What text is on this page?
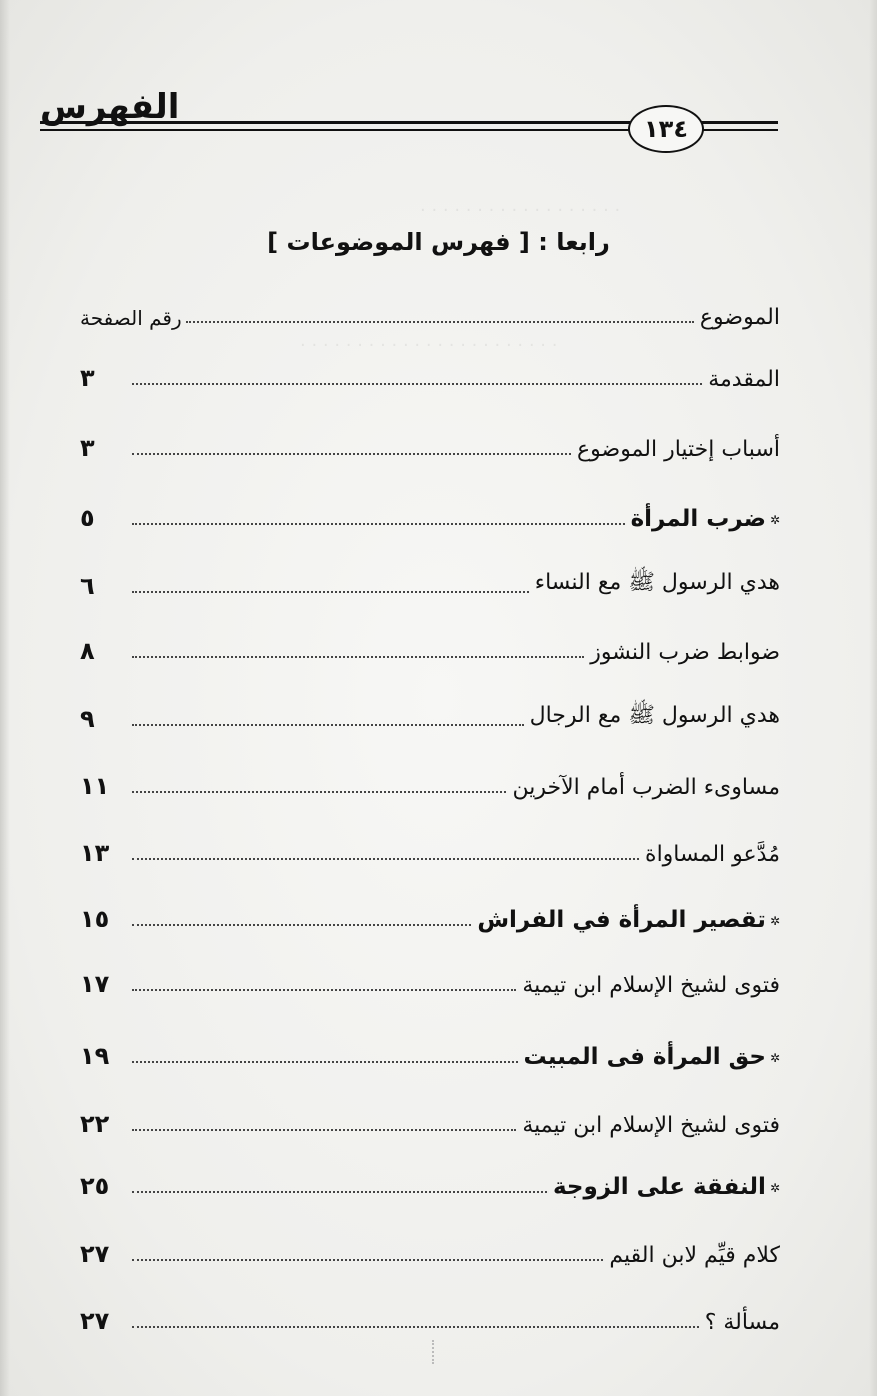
. . . . . . . . . . . . . . . . . .
. . . . . . . . . . . . . . . . . . . . . . .
الفهرس
١٣٤
رابعا : [ فهرس الموضوعات ]
الموضوع
رقم الصفحة
المقدمة
٣
أسباب إختيار الموضوع
٣
✲ضرب المرأة
٥
هدي الرسول ﷺ مع النساء
٦
ضوابط ضرب النشوز
٨
هدي الرسول ﷺ مع الرجال
٩
مساوىء الضرب أمام الآخرين
١١
مُدَّعو المساواة
١٣
✲تقصير المرأة في الفراش
١٥
فتوى لشيخ الإسلام ابن تيمية
١٧
✲حق المرأة فى المبيت
١٩
فتوى لشيخ الإسلام ابن تيمية
٢٢
✲النفقة على الزوجة
٢٥
كلام قيِّم لابن القيم
٢٧
مسألة ؟
٢٧
